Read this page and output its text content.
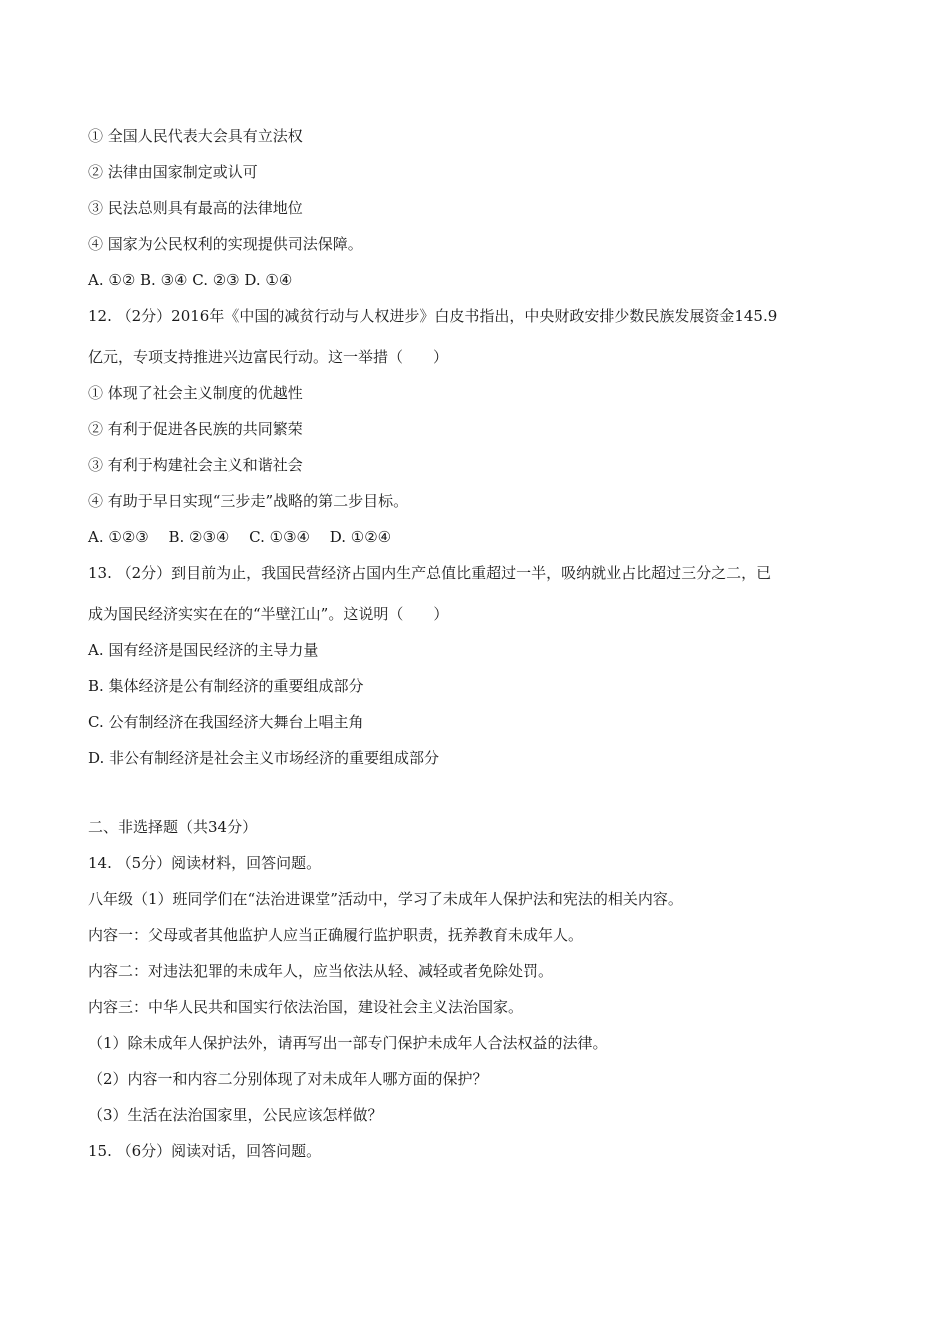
① 全国人民代表大会具有立法权
② 法律由国家制定或认可
③ 民法总则具有最高的法律地位
④ 国家为公民权利的实现提供司法保障。
A. ①② B. ③④ C. ②③ D. ①④
12. （2分）2016年《中国的减贫行动与人权进步》白皮书指出，中央财政安排少数民族发展资金145.9
亿元，专项支持推进兴边富民行动。这一举措（　　）
① 体现了社会主义制度的优越性
② 有利于促进各民族的共同繁荣
③ 有利于构建社会主义和谐社会
④ 有助于早日实现“三步走”战略的第二步目标。
A. ①②③　 B. ②③④　 C. ①③④　 D. ①②④
13. （2分）到目前为止，我国民营经济占国内生产总值比重超过一半，吸纳就业占比超过三分之二，已
成为国民经济实实在在的“半壁江山”。这说明（　　）
A. 国有经济是国民经济的主导力量
B. 集体经济是公有制经济的重要组成部分
C. 公有制经济在我国经济大舞台上唱主角
D. 非公有制经济是社会主义市场经济的重要组成部分
二、非选择题（共34分）
14. （5分）阅读材料，回答问题。
八年级（1）班同学们在“法治进课堂”活动中，学习了未成年人保护法和宪法的相关内容。
内容一：父母或者其他监护人应当正确履行监护职责，抚养教育未成年人。
内容二：对违法犯罪的未成年人，应当依法从轻、减轻或者免除处罚。
内容三：中华人民共和国实行依法治国，建设社会主义法治国家。
（1）除未成年人保护法外，请再写出一部专门保护未成年人合法权益的法律。
（2）内容一和内容二分别体现了对未成年人哪方面的保护？
（3）生活在法治国家里，公民应该怎样做？
15. （6分）阅读对话，回答问题。
